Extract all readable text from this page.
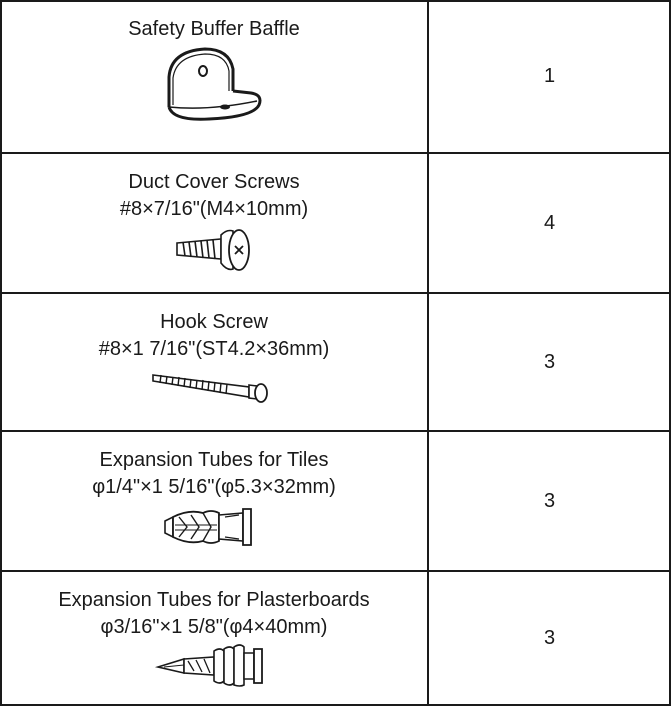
Safety Buffer Baffle
1
Duct Cover Screws
#8×7/16"(M4×10mm)
4
Hook Screw
#8×1 7/16"(ST4.2×36mm)
3
Expansion Tubes for Tiles
φ1/4"×1 5/16"(φ5.3×32mm)
3
Expansion Tubes for Plasterboards
φ3/16"×1 5/8"(φ4×40mm)	3
